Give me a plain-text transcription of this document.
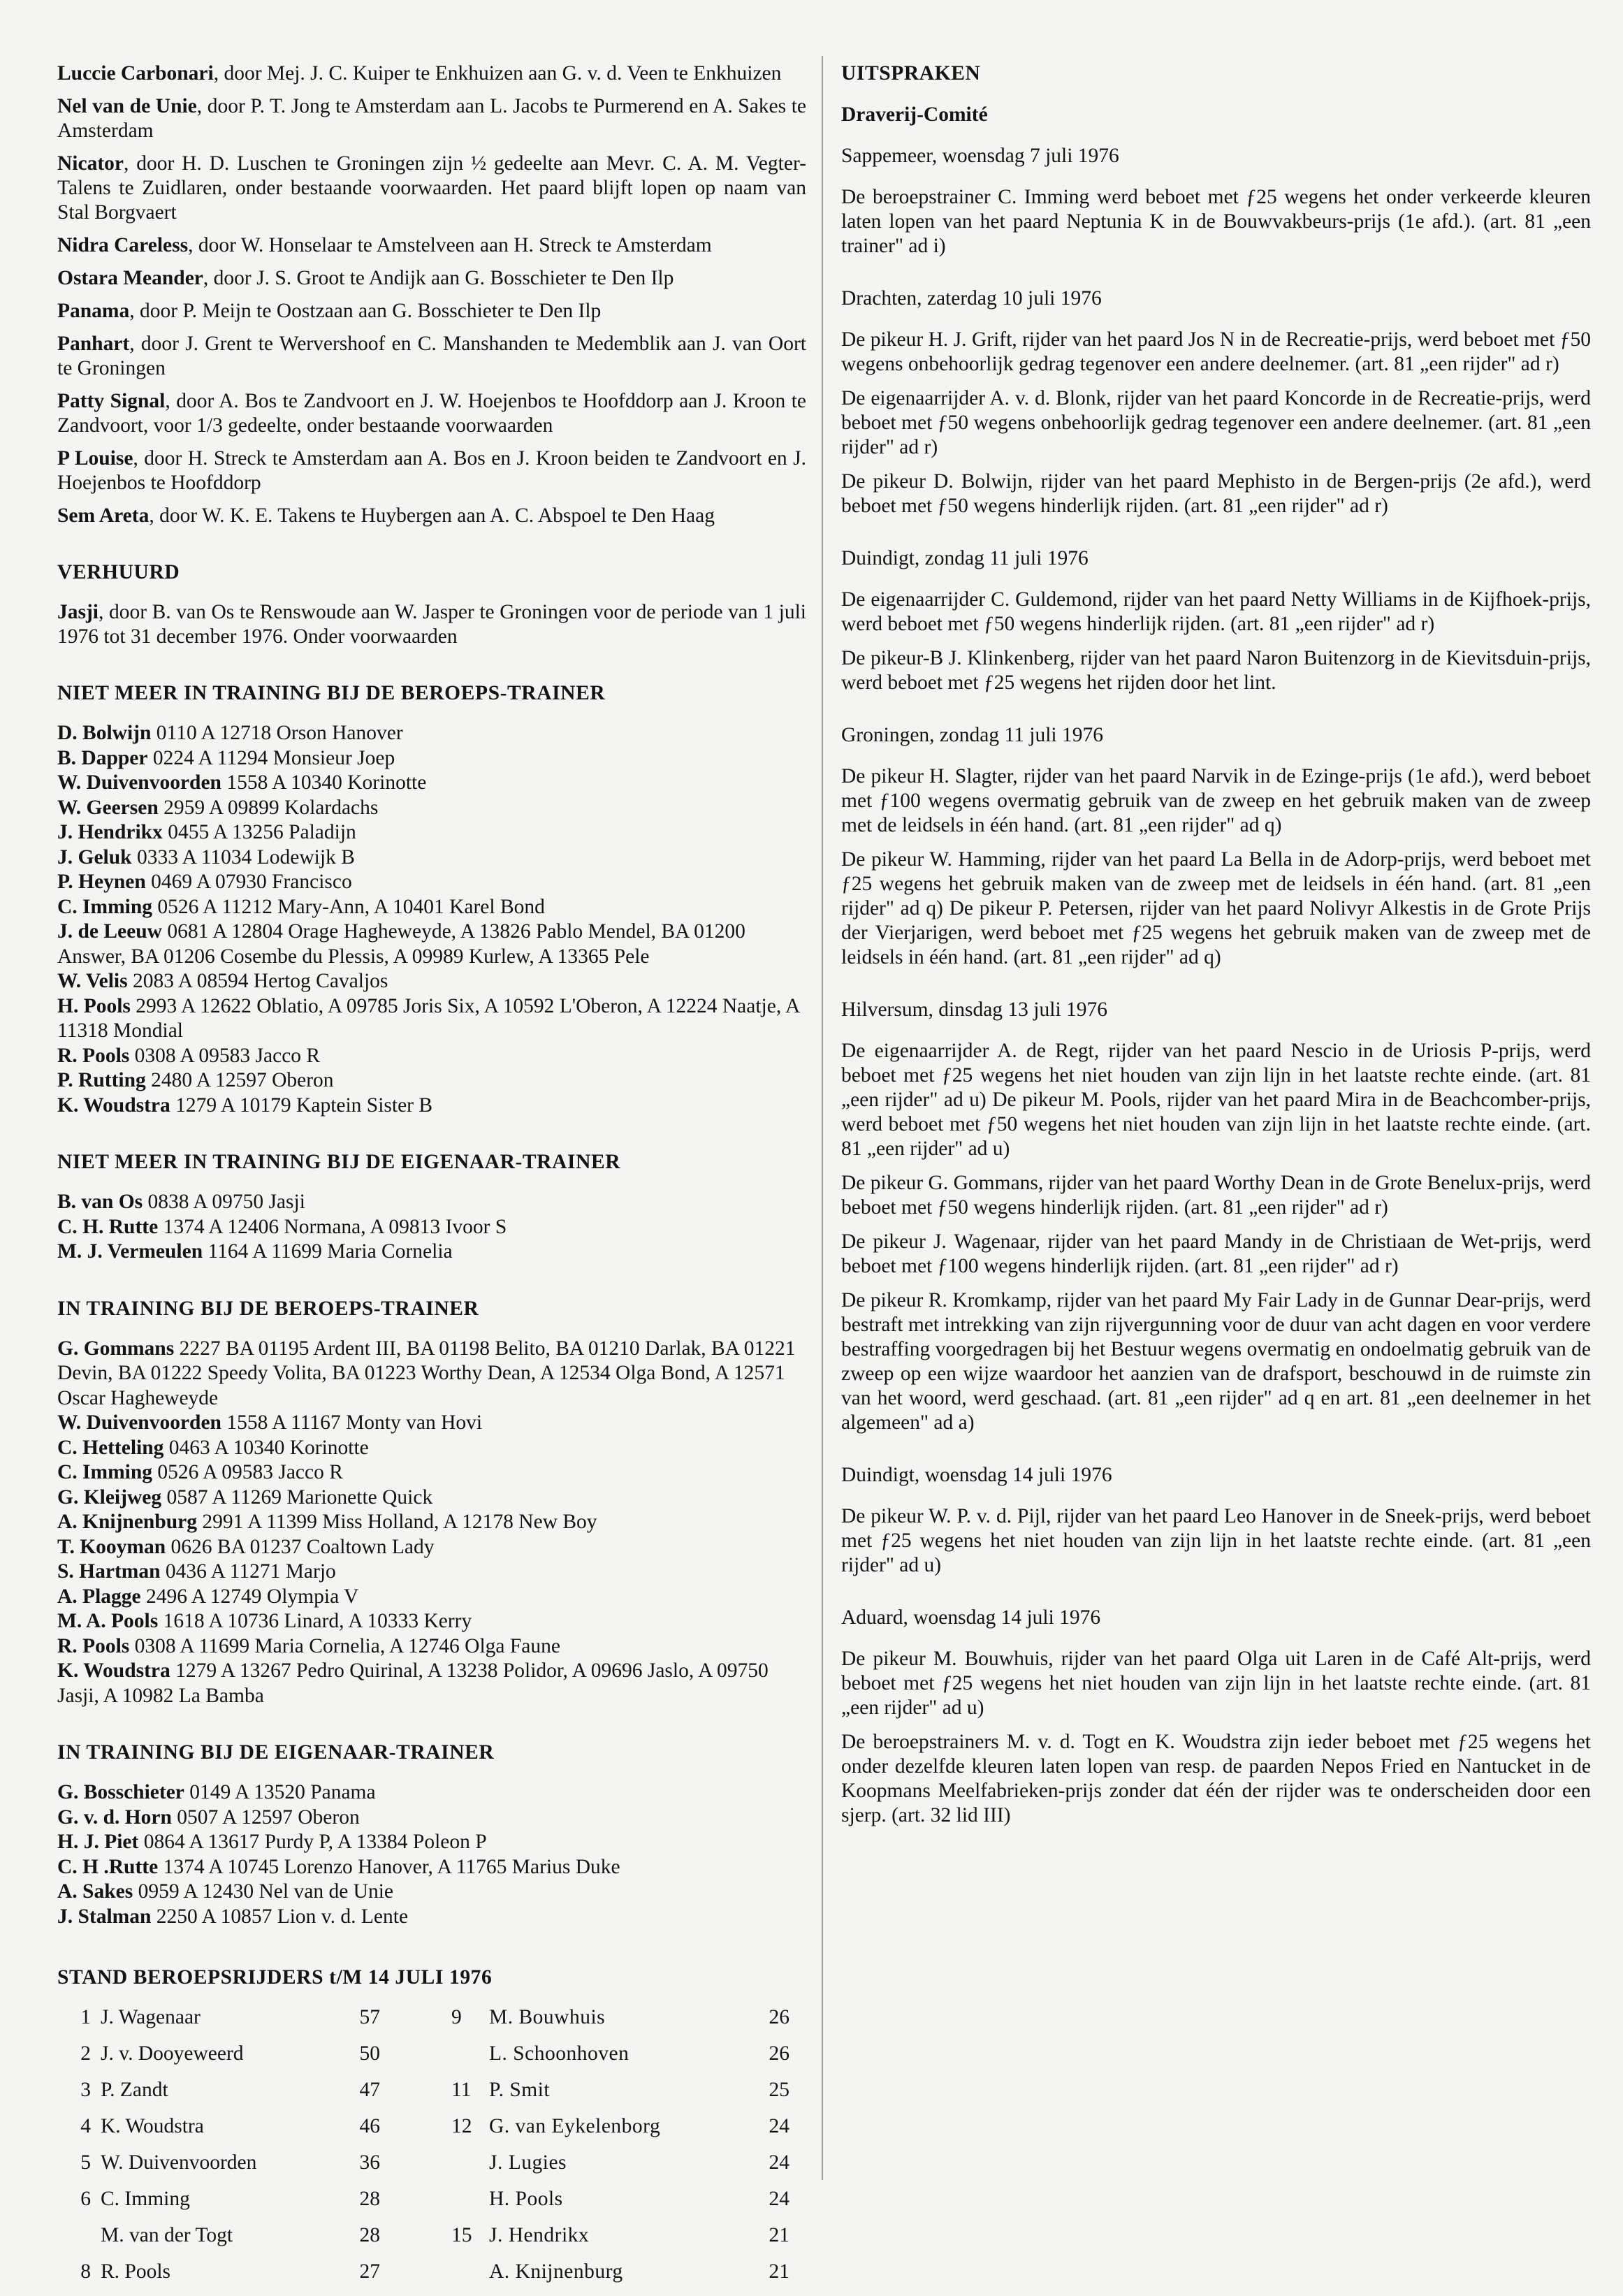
Luccie Carbonari, door Mej. J. C. Kuiper te Enkhuizen aan G. v. d. Veen te Enkhuizen

Nel van de Unie, door P. T. Jong te Amsterdam aan L. Jacobs te Purmerend en A. Sakes te Amsterdam

Nicator, door H. D. Luschen te Groningen zijn ½ gedeelte aan Mevr. C. A. M. Vegter-Talens te Zuidlaren, onder bestaande voorwaarden. Het paard blijft lopen op naam van Stal Borgvaert

Nidra Careless, door W. Honselaar te Amstelveen aan H. Streck te Amsterdam

Ostara Meander, door J. S. Groot te Andijk aan G. Bosschieter te Den Ilp

Panama, door P. Meijn te Oostzaan aan G. Bosschieter te Den Ilp

Panhart, door J. Grent te Wervershoof en C. Manshanden te Medemblik aan J. van Oort te Groningen

Patty Signal, door A. Bos te Zandvoort en J. W. Hoejenbos te Hoofddorp aan J. Kroon te Zandvoort, voor 1/3 gedeelte, onder bestaande voorwaarden

P Louise, door H. Streck te Amsterdam aan A. Bos en J. Kroon beiden te Zandvoort en J. Hoejenbos te Hoofddorp

Sem Areta, door W. K. E. Takens te Huybergen aan A. C. Abspoel te Den Haag

VERHUURD

Jasji, door B. van Os te Renswoude aan W. Jasper te Groningen voor de periode van 1 juli 1976 tot 31 december 1976. Onder voorwaarden

NIET MEER IN TRAINING BIJ DE BEROEPS-TRAINER
D. Bolwijn 0110 A 12718 Orson Hanover
B. Dapper 0224 A 11294 Monsieur Joep
W. Duivenvoorden 1558 A 10340 Korinotte
W. Geersen 2959 A 09899 Kolardachs
J. Hendrikx 0455 A 13256 Paladijn
J. Geluk 0333 A 11034 Lodewijk B
P. Heynen 0469 A 07930 Francisco
C. Imming 0526 A 11212 Mary-Ann, A 10401 Karel Bond
J. de Leeuw 0681 A 12804 Orage Hagheweyde, A 13826 Pablo Mendel, BA 01200 Answer, BA 01206 Cosembe du Plessis, A 09989 Kurlew, A 13365 Pele
W. Velis 2083 A 08594 Hertog Cavaljos
H. Pools 2993 A 12622 Oblatio, A 09785 Joris Six, A 10592 L'Oberon, A 12224 Naatje, A 11318 Mondial
R. Pools 0308 A 09583 Jacco R
P. Rutting 2480 A 12597 Oberon
K. Woudstra 1279 A 10179 Kaptein Sister B
NIET MEER IN TRAINING BIJ DE EIGENAAR-TRAINER
B. van Os 0838 A 09750 Jasji
C. H. Rutte 1374 A 12406 Normana, A 09813 Ivoor S
M. J. Vermeulen 1164 A 11699 Maria Cornelia
IN TRAINING BIJ DE BEROEPS-TRAINER
G. Gommans 2227 BA 01195 Ardent III, BA 01198 Belito, BA 01210 Darlak, BA 01221 Devin, BA 01222 Speedy Volita, BA 01223 Worthy Dean, A 12534 Olga Bond, A 12571 Oscar Hagheweyde
W. Duivenvoorden 1558 A 11167 Monty van Hovi
C. Hetteling 0463 A 10340 Korinotte
C. Imming 0526 A 09583 Jacco R
G. Kleijweg 0587 A 11269 Marionette Quick
A. Knijnenburg 2991 A 11399 Miss Holland, A 12178 New Boy
T. Kooyman 0626 BA 01237 Coaltown Lady
S. Hartman 0436 A 11271 Marjo
A. Plagge 2496 A 12749 Olympia V
M. A. Pools 1618 A 10736 Linard, A 10333 Kerry
R. Pools 0308 A 11699 Maria Cornelia, A 12746 Olga Faune
K. Woudstra 1279 A 13267 Pedro Quirinal, A 13238 Polidor, A 09696 Jaslo, A 09750 Jasji, A 10982 La Bamba
IN TRAINING BIJ DE EIGENAAR-TRAINER
G. Bosschieter 0149 A 13520 Panama
G. v. d. Horn 0507 A 12597 Oberon
H. J. Piet 0864 A 13617 Purdy P, A 13384 Poleon P
C. H .Rutte 1374 A 10745 Lorenzo Hanover, A 11765 Marius Duke
A. Sakes 0959 A 12430 Nel van de Unie
J. Stalman 2250 A 10857 Lion v. d. Lente
STAND BEROEPSRIJDERS t/M 14 JULI 1976
1 J. Wagenaar	57	9	M. Bouwhuis	26
2 J. v. Dooyeweerd	50	L. Schoonhoven	26
3 P. Zandt	47	11 P. Smit	25
4 K. Woudstra	46	12 G. van Eykelenborg	24
5 W. Duivenvoorden	36	J. Lugies	24
6 C. Imming	28	H. Pools	24
M. van der Togt	28	15 J. Hendrikx	21
8 R. Pools	27	A. Knijnenburg	21

UITSPRAKEN

Draverij-Comité

Sappemeer, woensdag 7 juli 1976

De beroepstrainer C. Imming werd beboet met ƒ25 wegens het onder verkeerde kleuren laten lopen van het paard Neptunia K in de Bouwvakbeurs-prijs (1e afd.). (art. 81 „een trainer" ad i)

Drachten, zaterdag 10 juli 1976

De pikeur H. J. Grift, rijder van het paard Jos N in de Recreatie-prijs, werd beboet met ƒ50 wegens onbehoorlijk gedrag tegenover een andere deelnemer. (art. 81 „een rijder" ad r)

De eigenaarrijder A. v. d. Blonk, rijder van het paard Koncorde in de Recreatie-prijs, werd beboet met ƒ50 wegens onbehoorlijk gedrag tegenover een andere deelnemer. (art. 81 „een rijder" ad r)

De pikeur D. Bolwijn, rijder van het paard Mephisto in de Bergen-prijs (2e afd.), werd beboet met ƒ50 wegens hinderlijk rijden. (art. 81 „een rijder" ad r)

Duindigt, zondag 11 juli 1976

De eigenaarrijder C. Guldemond, rijder van het paard Netty Williams in de Kijfhoek-prijs, werd beboet met ƒ50 wegens hinderlijk rijden. (art. 81 „een rijder" ad r)

De pikeur-B J. Klinkenberg, rijder van het paard Naron Buitenzorg in de Kievitsduin-prijs, werd beboet met ƒ25 wegens het rijden door het lint.

Groningen, zondag 11 juli 1976

De pikeur H. Slagter, rijder van het paard Narvik in de Ezinge-prijs (1e afd.), werd beboet met ƒ100 wegens overmatig gebruik van de zweep en het gebruik maken van de zweep met de leidsels in één hand. (art. 81 „een rijder" ad q)

De pikeur W. Hamming, rijder van het paard La Bella in de Adorp-prijs, werd beboet met ƒ25 wegens het gebruik maken van de zweep met de leidsels in één hand. (art. 81 „een rijder" ad q) De pikeur P. Petersen, rijder van het paard Nolivyr Alkestis in de Grote Prijs der Vierjarigen, werd beboet met ƒ25 wegens het gebruik maken van de zweep met de leidsels in één hand. (art. 81 „een rijder" ad q)

Hilversum, dinsdag 13 juli 1976

De eigenaarrijder A. de Regt, rijder van het paard Nescio in de Uriosis P-prijs, werd beboet met ƒ25 wegens het niet houden van zijn lijn in het laatste rechte einde. (art. 81 „een rijder" ad u) De pikeur M. Pools, rijder van het paard Mira in de Beachcomber-prijs, werd beboet met ƒ50 wegens het niet houden van zijn lijn in het laatste rechte einde. (art. 81 „een rijder" ad u)

De pikeur G. Gommans, rijder van het paard Worthy Dean in de Grote Benelux-prijs, werd beboet met ƒ50 wegens hinderlijk rijden. (art. 81 „een rijder" ad r)

De pikeur J. Wagenaar, rijder van het paard Mandy in de Christiaan de Wet-prijs, werd beboet met ƒ100 wegens hinderlijk rijden. (art. 81 „een rijder" ad r)

De pikeur R. Kromkamp, rijder van het paard My Fair Lady in de Gunnar Dear-prijs, werd bestraft met intrekking van zijn rijvergunning voor de duur van acht dagen en voor verdere bestraffing voorgedragen bij het Bestuur wegens overmatig en ondoelmatig gebruik van de zweep op een wijze waardoor het aanzien van de drafsport, beschouwd in de ruimste zin van het woord, werd geschaad. (art. 81 „een rijder" ad q en art. 81 „een deelnemer in het algemeen" ad a)

Duindigt, woensdag 14 juli 1976

De pikeur W. P. v. d. Pijl, rijder van het paard Leo Hanover in de Sneek-prijs, werd beboet met ƒ25 wegens het niet houden van zijn lijn in het laatste rechte einde. (art. 81 „een rijder" ad u)

Aduard, woensdag 14 juli 1976

De pikeur M. Bouwhuis, rijder van het paard Olga uit Laren in de Café Alt-prijs, werd beboet met ƒ25 wegens het niet houden van zijn lijn in het laatste rechte einde. (art. 81 „een rijder" ad u)

De beroepstrainers M. v. d. Togt en K. Woudstra zijn ieder beboet met ƒ25 wegens het onder dezelfde kleuren laten lopen van resp. de paarden Nepos Fried en Nantucket in de Koopmans Meelfabrieken-prijs zonder dat één der rijder was te onderscheiden door een sjerp. (art. 32 lid III)
